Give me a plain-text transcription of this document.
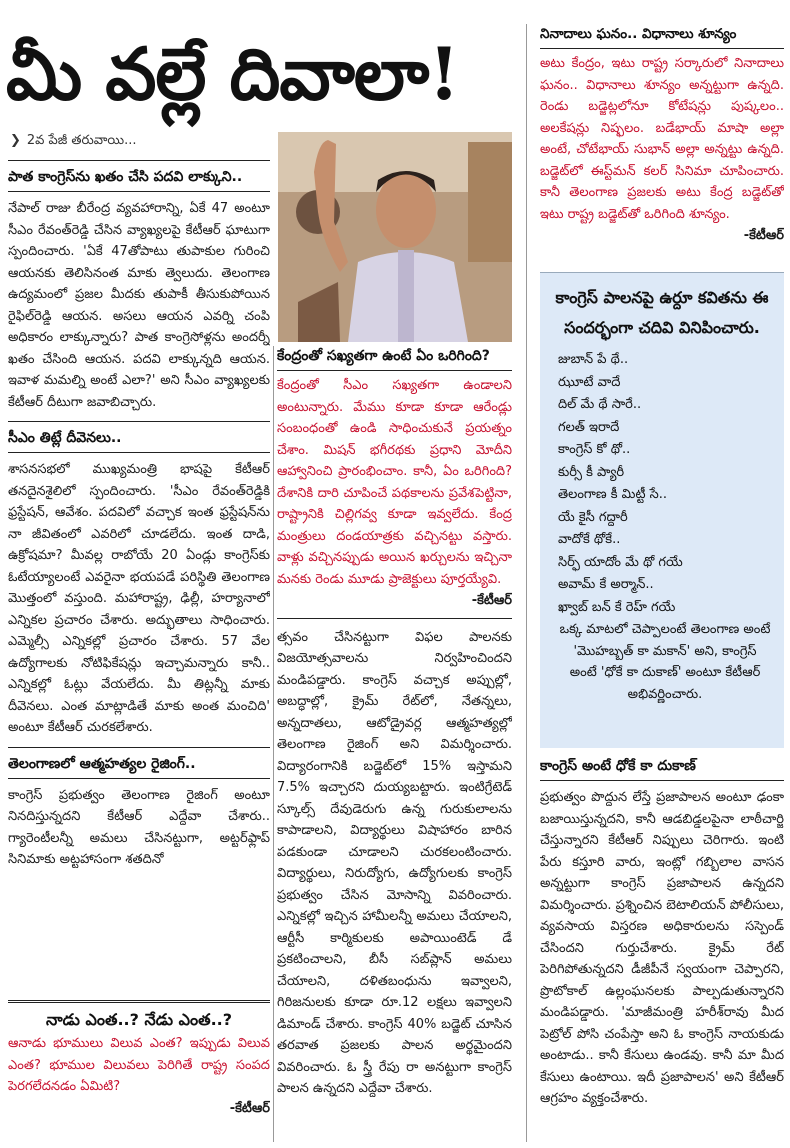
మీ వల్లే దివాలా!
❯ 2వ పేజీ తరువాయి...
పాత కాంగ్రెస్‌ను ఖతం చేసి పదవి లాక్కుని..
నేపాల్ రాజు బీరేంద్ర వ్యవహారాన్ని, ఏకే 47 అంటూ సీఎం రేవంత్‌రెడ్డి చేసిన వ్యాఖ్యలపై కేటీఆర్ ఘాటుగా స్పందించారు. 'ఏకే 47తోపాటు తుపాకుల గురించి ఆయనకు తెలిసినంత మాకు త్వెలుదు. తెలంగాణ ఉద్యమంలో ప్రజల మీదకు తుపాకీ తీసుకుపోయిన రైఫిల్‌రెడ్డి ఆయన. అసలు ఆయన ఎవర్ని చంపి అధికారం లాక్కున్నారు? పాత కాంగ్రెసోళ్లను అందర్నీ ఖతం చేసింది ఆయన. పదవి లాక్కున్నది ఆయన. ఇవాళ మమల్ని అంటే ఎలా?' అని సీఎం వ్యాఖ్యలకు కేటీఆర్ దీటుగా జవాబిచ్చారు.
సీఎం తిట్లే దీవెనలు..
శాసనసభలో ముఖ్యమంత్రి భాషపై కేటీఆర్ తనదైనశైలిలో స్పందించారు. 'సీఎం రేవంత్‌రెడ్డికి ఫ్రస్టేషన్, ఆవేశం. పదవిలో వచ్చాక ఇంత ఫ్రస్టేషన్‌ను నా జీవితంలో ఎవరిలో చూడలేదు. ఇంత దాడి, ఉక్రోషమా? మీవల్ల రాబోయే 20 ఏండ్లు కాంగ్రెస్‌కు ఓటేయ్యాలంటే ఎవరైనా భయపడే పరిస్థితి తెలంగాణ మొత్తంలో వస్తుంది. మహారాష్ట్ర, ఢిల్లీ, హర్యానాలో ఎన్నికల ప్రచారం చేశారు. అద్భుతాలు సాధించారు. ఎమ్మెల్సీ ఎన్నికల్లో ప్రచారం చేశారు. 57 వేల ఉద్యోగాలకు నోటిఫికేషన్లు ఇచ్చామన్నారు కానీ.. ఎన్నికల్లో ఓట్లు వేయలేదు. మీ తిట్లన్నీ మాకు దీవెనలు. ఎంత మాట్లాడితే మాకు అంత మంచిది' అంటూ కేటీఆర్ చురకలేశారు.
తెలంగాణలో ఆత్మహత్యల రైజింగ్..
కాంగ్రెస్ ప్రభుత్వం తెలంగాణ రైజింగ్ అంటూ నినదిస్తున్నదని కేటీఆర్ ఎద్దేవా చేశారు.. గ్యారెంటీలన్నీ అమలు చేసినట్టుగా, అట్టర్‌ఫ్లాప్ సినిమాకు అట్టహాసంగా శతదినో
నాడు ఎంత..? నేడు ఎంత..?
ఆనాడు భూములు విలువ ఎంత? ఇప్పుడు విలువ ఎంత? భూముల విలువలు పెరిగితే రాష్ట్ర సంపద పెరగలేదనడం ఏమిటి?
-కేటీఆర్
కేంద్రంతో సఖ్యతగా ఉంటే ఏం ఒరిగింది?
కేంద్రంతో సీఎం సఖ్యతగా ఉండాలని అంటున్నారు. మేము కూడా కూడా ఆరేండ్లు సంబంధంతో ఉండి సాధించుకునే ప్రయత్నం చేశాం. మిషన్ భగీరథకు ప్రధాని మోదీని ఆహ్వానించి ప్రారంభించాం. కానీ, ఏం ఒరిగింది? దేశానికి దారి చూపించే పథకాలను ప్రవేశపెట్టినా, రాష్ట్రానికి చిల్లిగవ్వ కూడా ఇవ్వలేదు. కేంద్ర మంత్రులు దండయాత్రకు వచ్చినట్టు వస్తారు. వాళ్లు వచ్చినప్పుడు అయిన ఖర్చులను ఇచ్చినా మనకు రెండు మూడు ప్రాజెక్టులు పూర్తయ్యేవి.
-కేటీఆర్
త్సవం చేసినట్టుగా విఫల పాలనకు విజయోత్సవాలను నిర్వహించిందని మండిపడ్డారు. కాంగ్రెస్ వచ్చాక అప్పుల్లో, అబద్ధాల్లో, క్రైమ్ రేట్‌లో, నేతన్నలు, అన్నదాతలు, ఆటోడ్రైవర్ల ఆత్మహత్యల్లో తెలంగాణ రైజింగ్ అని విమర్శించారు. విద్యారంగానికి బడ్జెట్‌లో 15% ఇస్తామని 7.5% ఇచ్చారని దుయ్యబట్టారు. ఇంటిగ్రేటెడ్ స్కూల్స్ దేవుడెరుగు ఉన్న గురుకులాలను కాపాడాలని, విద్యార్థులు విషాహారం బారిన పడకుండా చూడాలని చురకలంటించారు. విద్యార్థులు, నిరుద్యోగు, ఉద్యోగులకు కాంగ్రెస్ ప్రభుత్వం చేసిన మోసాన్ని వివరించారు. ఎన్నికల్లో ఇచ్చిన హామీలన్నీ అమలు చేయాలని, ఆర్టీసీ కార్మికులకు అపాయింటెడ్ డే ప్రకటించాలని, బీసీ సబ్‌ప్లాన్ అమలు చేయాలని, దళితబంధును ఇవ్వాలని, గిరిజనులకు కూడా రూ.12 లక్షలు ఇవ్వాలని డిమాండ్ చేశారు. కాంగ్రెస్ 40% బడ్జెట్ చూసిన తరవాత ప్రజలకు పాలన అర్థమైందని వివరించారు. ఓ స్త్రీ రేపు రా అనట్టుగా కాంగ్రెస్ పాలన ఉన్నదని ఎద్దేవా చేశారు.
నినాదాలు ఘనం.. విధానాలు శూన్యం
అటు కేంద్రం, ఇటు రాష్ట్ర సర్కారులో నినాదాలు ఘనం.. విధానాలు శూన్యం అన్నట్టుగా ఉన్నది. రెండు బడ్జెట్లలోనూ కోటేషన్లు పుష్కలం.. అలకేషన్లు నిష్ఫలం. బడేభాయ్ మాషా అల్లా అంటే, చోటేభాయ్ సుభాన్ అల్లా అన్నట్టు ఉన్నది. బడ్జెట్‌లో ఈస్ట్‌మన్ కలర్ సినిమా చూపించారు. కానీ తెలంగాణ ప్రజలకు అటు కేంద్ర బడ్జెట్‌తో ఇటు రాష్ట్ర బడ్జెట్‌తో ఒరిగింది శూన్యం.
-కేటీఆర్
కాంగ్రెస్ పాలనపై ఉర్దూ కవితను ఈ సందర్భంగా చదివి వినిపించారు.
జుబాన్ పే థే..
ఝూటే వాదే
దిల్ మే థే సారే..
గలత్ ఇరాదే
కాంగ్రెస్ కో థో..
కుర్సీ కీ ప్యారీ
తెలంగాణ కీ మిట్టీ సే..
యే కైసీ గద్దారీ
వాదోకే థోకే..
సిర్ఫ్ యాదోం మే థో గయే
అవామ్ కే అర్మాన్..
ఖ్వాబ్ బన్ కే రెహ్ గయే
ఒక్క మాటలో చెప్పాలంటే తెలంగాణ అంటే 'మొహబ్బత్ కా మకాన్' అని, కాంగ్రెస్ అంటే 'ధోకే కా దుకాణ్' అంటూ కేటీఆర్ అభివర్ణించారు.
కాంగ్రెస్ అంటే ధోకే కా దుకాణ్
ప్రభుత్వం పొద్దున లేస్తే ప్రజాపాలన అంటూ ఢంకా బజాయిస్తున్నదని, కానీ ఆడబిడ్డలపైనా లాఠీచార్జి చేస్తున్నారని కేటీఆర్ నిప్పులు చెరిగారు. ఇంటి పేరు కస్తూరి వారు, ఇంట్లో గబ్బిలాల వాసన అన్నట్టుగా కాంగ్రెస్ ప్రజాపాలన ఉన్నదని విమర్శించారు. ప్రశ్నించిన బెటాలియన్ పోలీసులు, వ్యవసాయ విస్తరణ అధికారులను సస్పెండ్ చేసిందని గుర్తుచేశారు. క్రైమ్ రేట్ పెరిగిపోతున్నదని డీజీపీనే స్వయంగా చెప్పారని, ప్రొటోకాల్ ఉల్లంఘనలకు పాల్పడుతున్నారని మండిపడ్డారు. 'మాజీమంత్రి హరీశ్‌రావు మీద పెట్రోల్ పోసి చంపేస్తా అని ఓ కాంగ్రెస్ నాయకుడు అంటాడు.. కానీ కేసులు ఉండవు. కానీ మా మీద కేసులు ఉంటాయి. ఇదీ ప్రజాపాలన' అని కేటీఆర్ ఆగ్రహం వ్యక్తంచేశారు.
